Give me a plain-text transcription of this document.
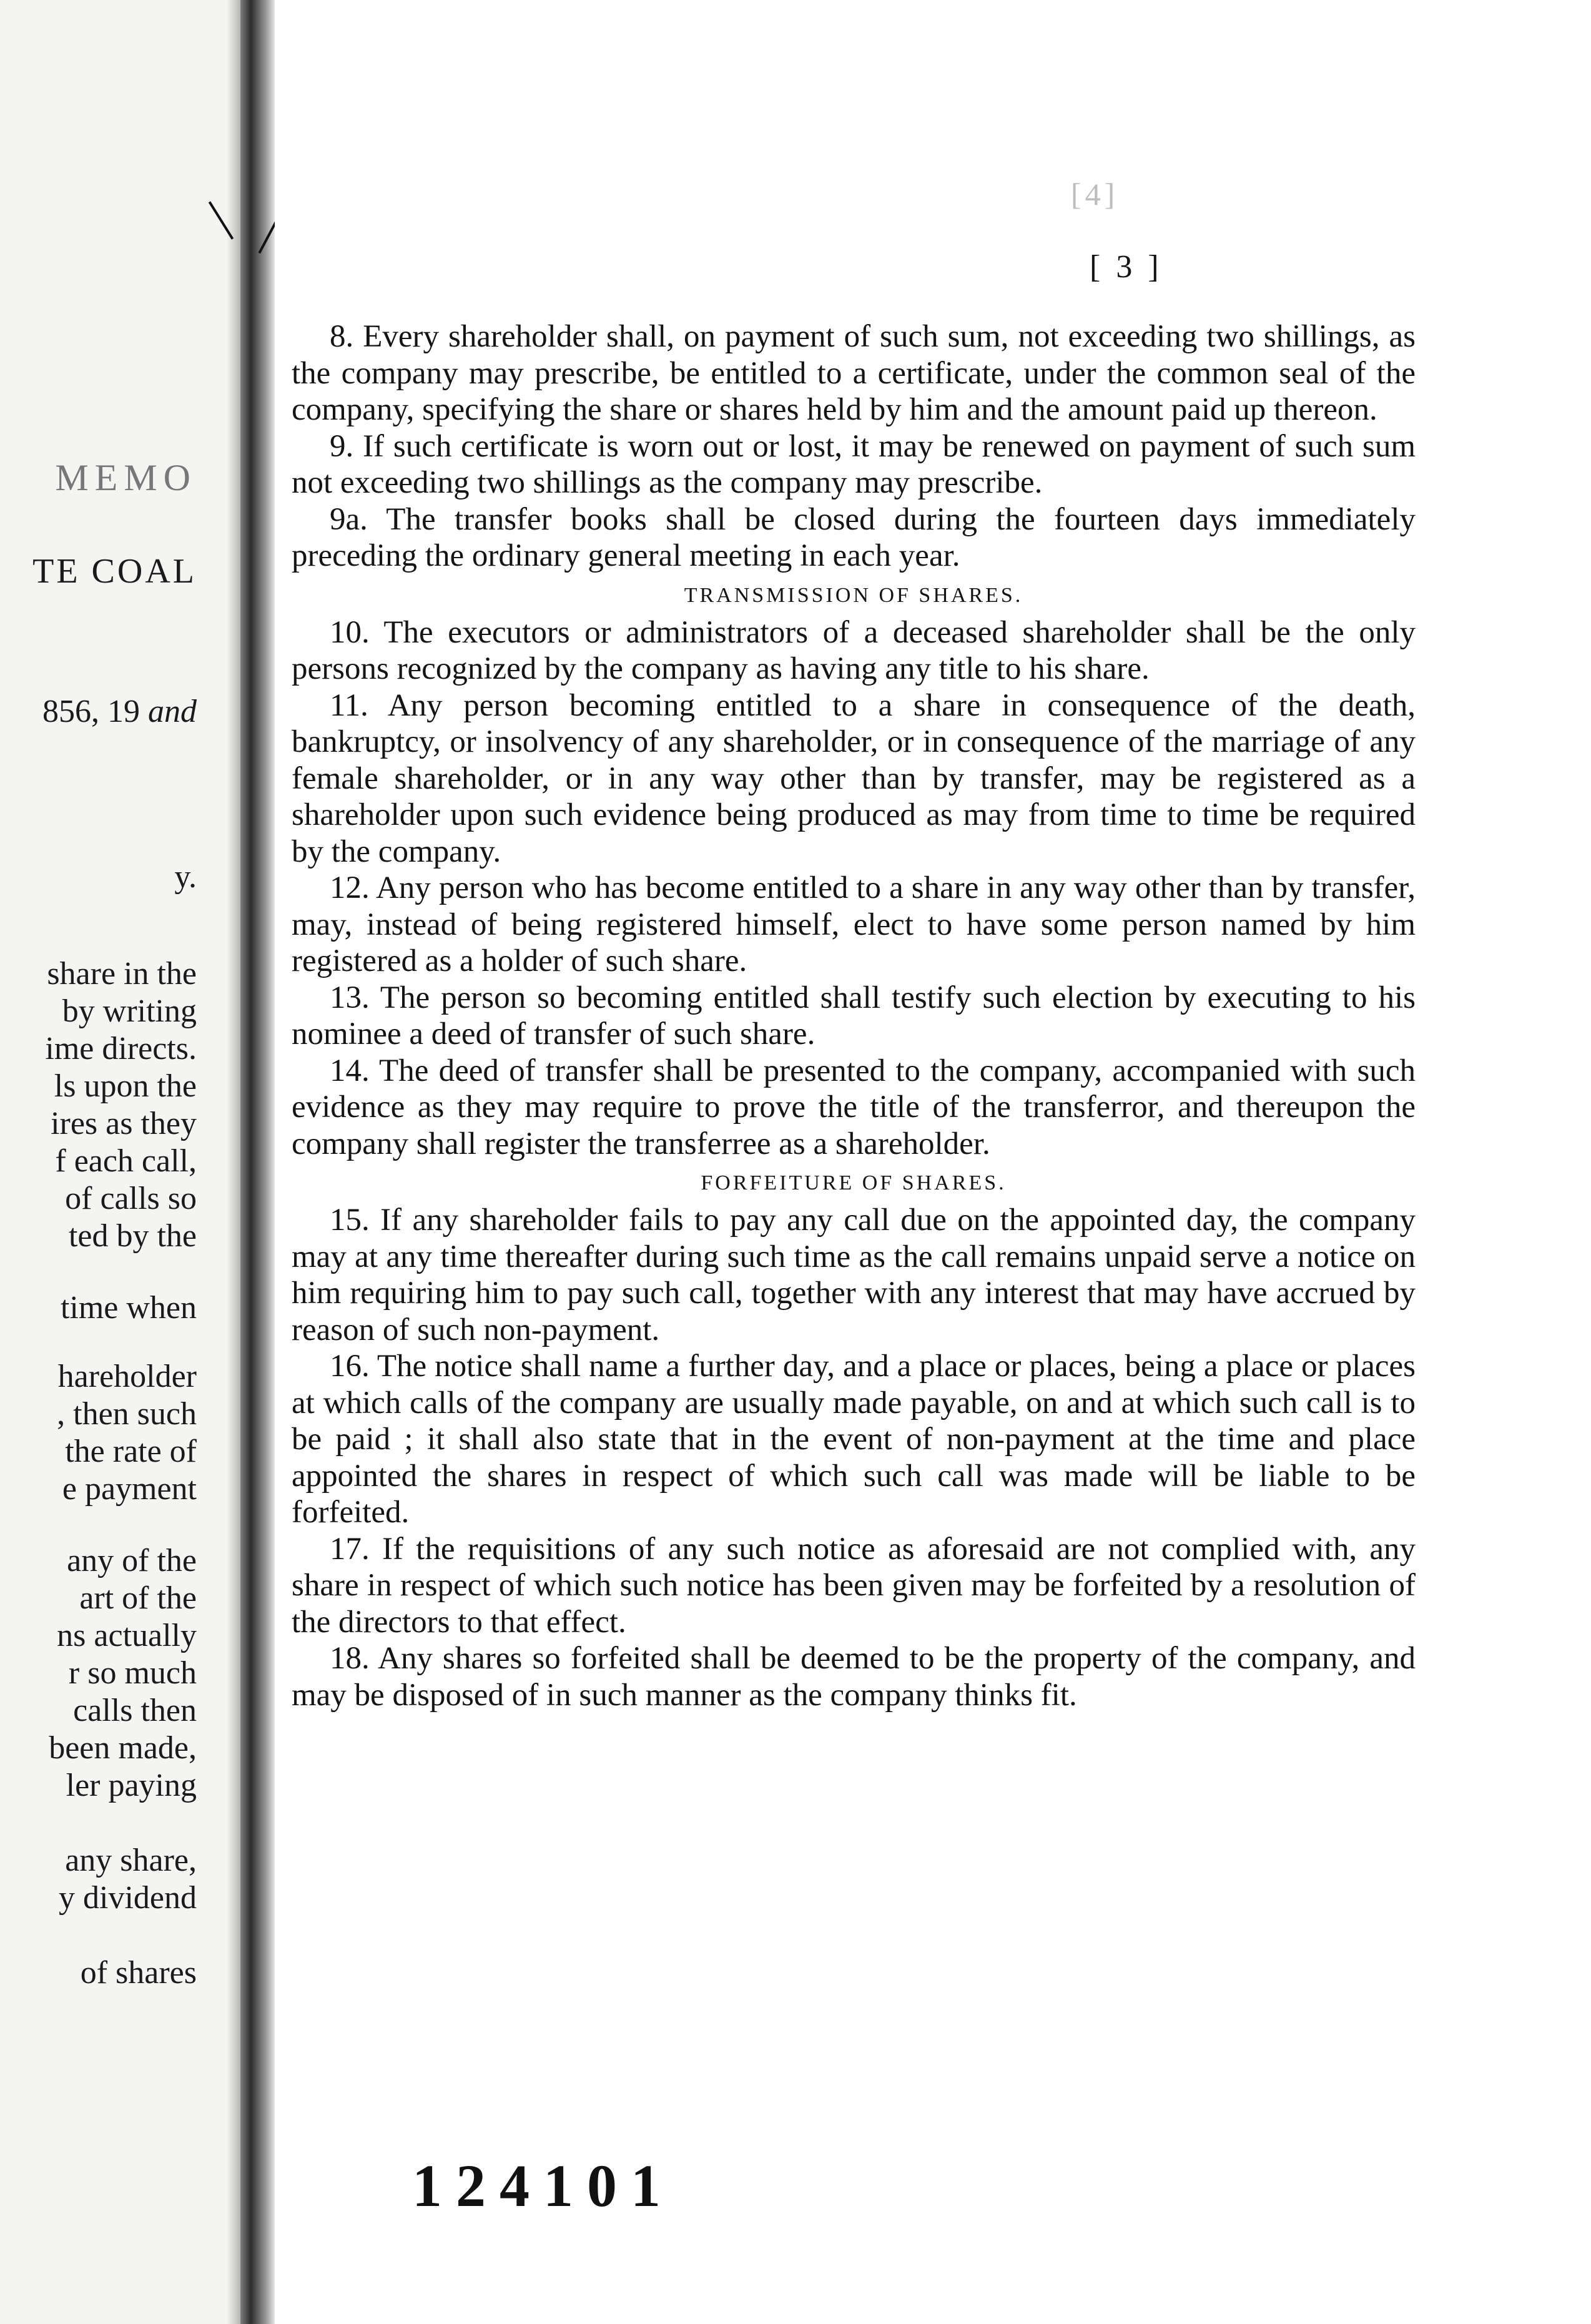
MEMO
TE COAL
856, 19 and
y.
share in the
by writing
ime directs.
ls upon the
ires as they
f each call,
of calls so
ted by the
time when
hareholder
, then such
the rate of
e payment
any of the
art of the
ns actually
r so much
calls then
been made,
ler paying
any share,
y dividend
of shares
[4]
[ 3 ]

8. Every shareholder shall, on payment of such sum, not exceeding two shillings, as the company may prescribe, be entitled to a certificate, under the common seal of the company, specifying the share or shares held by him and the amount paid up thereon.

9. If such certificate is worn out or lost, it may be renewed on payment of such sum not exceeding two shillings as the company may prescribe.

9a. The transfer books shall be closed during the fourteen days immediately preceding the ordinary general meeting in each year.

TRANSMISSION OF SHARES.

10. The executors or administrators of a deceased shareholder shall be the only persons recognized by the company as having any title to his share.

11. Any person becoming entitled to a share in consequence of the death, bankruptcy, or insolvency of any shareholder, or in consequence of the marriage of any female shareholder, or in any way other than by transfer, may be registered as a shareholder upon such evidence being produced as may from time to time be required by the company.

12. Any person who has become entitled to a share in any way other than by transfer, may, instead of being registered himself, elect to have some person named by him registered as a holder of such share.

13. The person so becoming entitled shall testify such election by executing to his nominee a deed of transfer of such share.

14. The deed of transfer shall be presented to the company, accompanied with such evidence as they may require to prove the title of the transferror, and thereupon the company shall register the transferree as a shareholder.

FORFEITURE OF SHARES.

15. If any shareholder fails to pay any call due on the appointed day, the company may at any time thereafter during such time as the call remains unpaid serve a notice on him requiring him to pay such call, together with any interest that may have accrued by reason of such non-payment.

16. The notice shall name a further day, and a place or places, being a place or places at which calls of the company are usually made payable, on and at which such call is to be paid ; it shall also state that in the event of non-payment at the time and place appointed the shares in respect of which such call was made will be liable to be forfeited.

17. If the requisitions of any such notice as aforesaid are not complied with, any share in respect of which such notice has been given may be forfeited by a resolution of the directors to that effect.

18. Any shares so forfeited shall be deemed to be the property of the company, and may be disposed of in such manner as the company thinks fit.

124101
